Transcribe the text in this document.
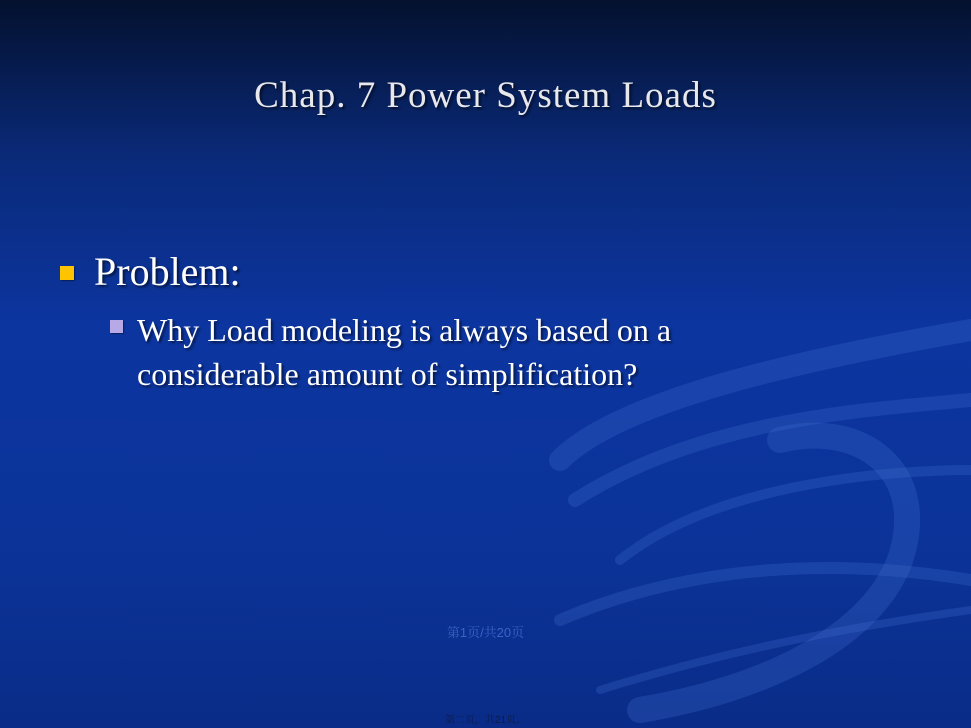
Chap. 7 Power System Loads
Problem:
Why Load modeling is always based on a considerable amount of simplification?
第1页/共20页
第二页，共21页。
